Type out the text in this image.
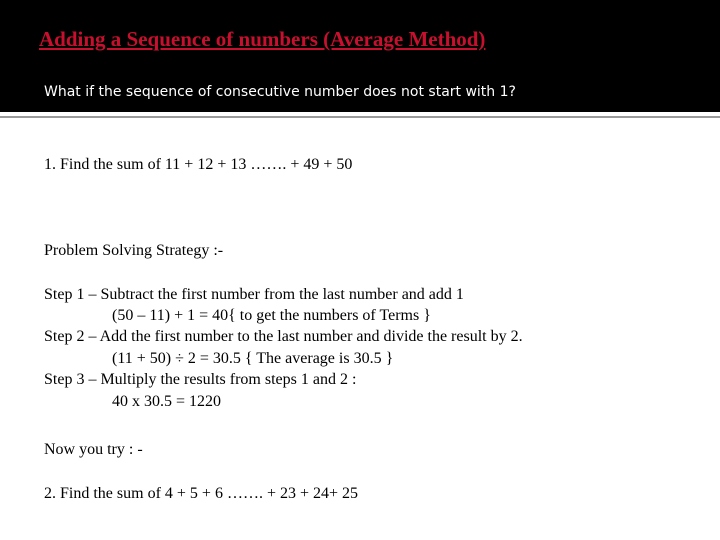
Adding a Sequence of numbers (Average Method)
What if the sequence of consecutive number does not start with 1?
1. Find the sum of 11 + 12 + 13 ……. + 49 + 50
Problem Solving Strategy :-
Step 1 – Subtract the first number from the last number and add 1
(50 – 11) + 1 = 40{ to get the numbers of Terms }
Step 2 – Add the first number to the last number and divide the result by 2.
(11 + 50) ÷ 2 = 30.5 { The average is 30.5 }
Step 3 – Multiply the results from steps 1 and 2 :
40 x 30.5 = 1220
Now you try : -
2. Find the sum of 4 + 5 + 6 ……. + 23 + 24+ 25
